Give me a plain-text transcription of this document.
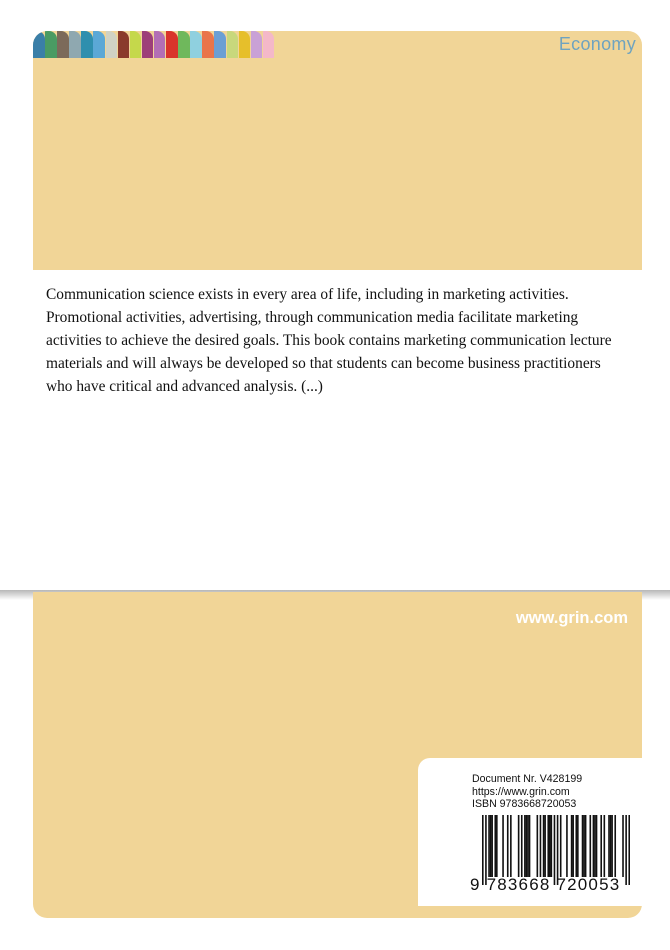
Economy

Communication science exists in every area of life, including in marketing activities. Promotional activities, advertising, through communication media facilitate marketing activities to achieve the desired goals. This book contains marketing communication lecture materials and will always be developed so that students can become business practitioners who have critical and advanced analysis. (...)

www.grin.com
Document Nr. V428199
https://www.grin.com
ISBN 9783668720053
9 783668 720053
